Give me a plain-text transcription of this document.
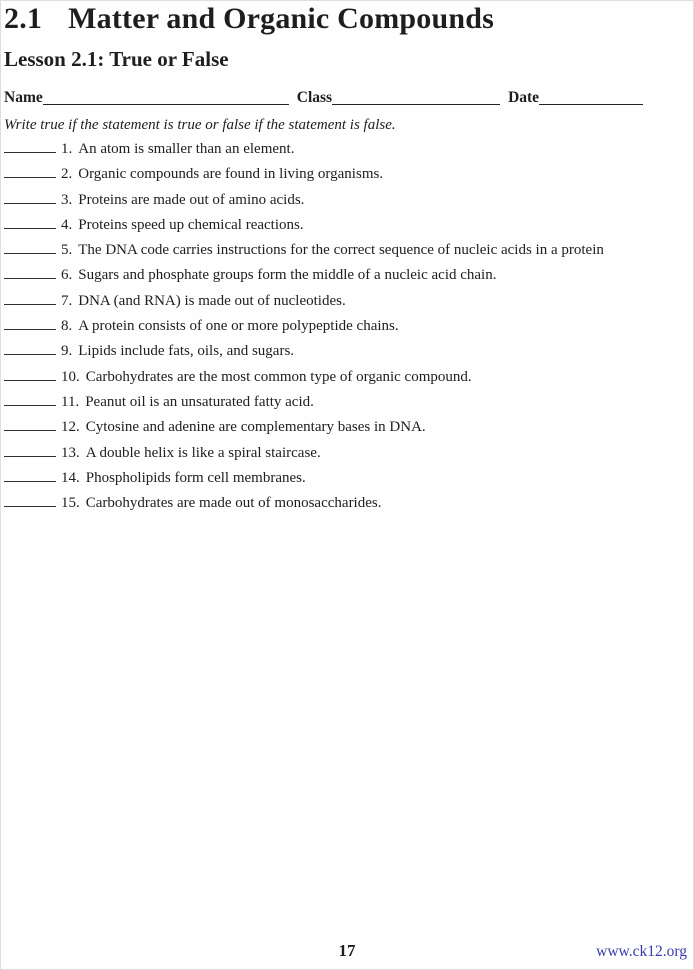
2.1 Matter and Organic Compounds
Lesson 2.1: True or False
Name	Class	Date
Write true if the statement is true or false if the statement is false.
1. An atom is smaller than an element.
2. Organic compounds are found in living organisms.
3. Proteins are made out of amino acids.
4. Proteins speed up chemical reactions.
5. The DNA code carries instructions for the correct sequence of nucleic acids in a protein
6. Sugars and phosphate groups form the middle of a nucleic acid chain.
7. DNA (and RNA) is made out of nucleotides.
8. A protein consists of one or more polypeptide chains.
9. Lipids include fats, oils, and sugars.
10. Carbohydrates are the most common type of organic compound.
11. Peanut oil is an unsaturated fatty acid.
12. Cytosine and adenine are complementary bases in DNA.
13. A double helix is like a spiral staircase.
14. Phospholipids form cell membranes.
15. Carbohydrates are made out of monosaccharides.
17	www.ck12.org
